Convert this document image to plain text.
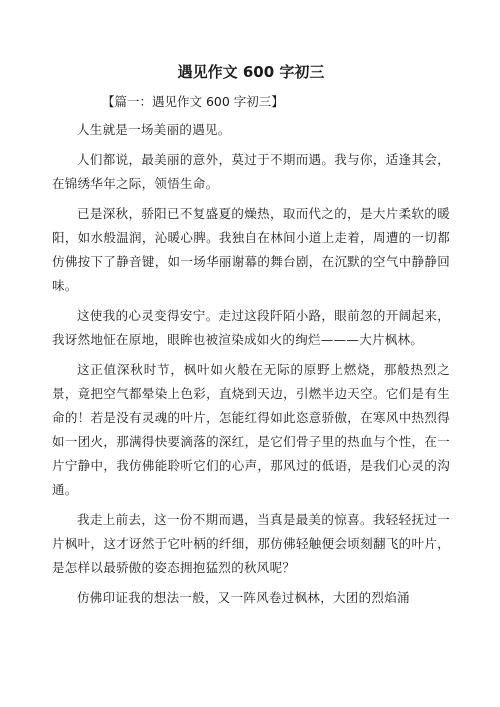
遇见作文 600 字初三
【篇一：遇见作文 600 字初三】

人生就是一场美丽的遇见。

人们都说，最美丽的意外，莫过于不期而遇。我与你，适逢其会，在锦绣华年之际，领悟生命。

已是深秋，骄阳已不复盛夏的燥热，取而代之的，是大片柔软的暖阳，如水般温润，沁暖心脾。我独自在林间小道上走着，周遭的一切都仿佛按下了静音键，如一场华丽谢幕的舞台剧，在沉默的空气中静静回味。

这使我的心灵变得安宁。走过这段阡陌小路，眼前忽的开阔起来，我讶然地怔在原地，眼眸也被渲染成如火的绚烂———大片枫林。

这正值深秋时节，枫叶如火般在无际的原野上燃烧，那般热烈之景，竟把空气都晕染上色彩，直烧到天边，引燃半边天空。它们是有生命的！若是没有灵魂的叶片，怎能红得如此恣意骄傲，在寒风中热烈得如一团火，那满得快要滴落的深红，是它们骨子里的热血与个性，在一片宁静中，我仿佛能聆听它们的心声，那风过的低语，是我们心灵的沟通。

我走上前去，这一份不期而遇，当真是最美的惊喜。我轻轻抚过一片枫叶，这才讶然于它叶柄的纤细，那仿佛轻触便会顷刻翻飞的叶片，是怎样以最骄傲的姿态拥抱猛烈的秋风呢？

仿佛印证我的想法一般，又一阵风卷过枫林，大团的烈焰涌
